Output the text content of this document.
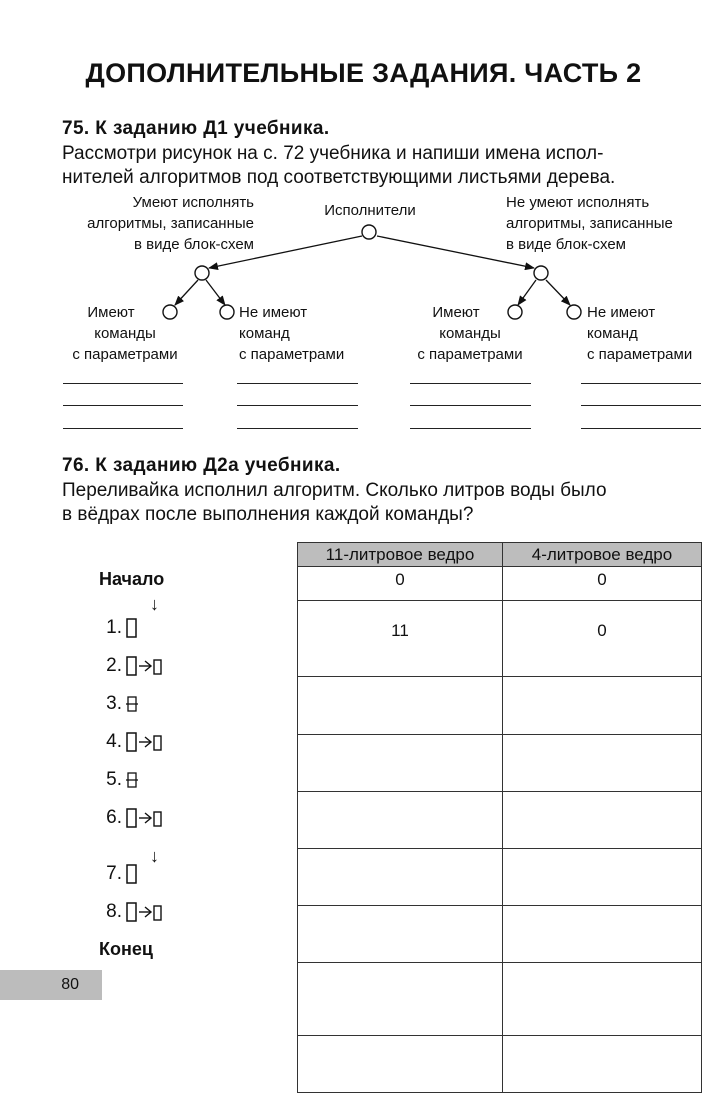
ДОПОЛНИТЕЛЬНЫЕ ЗАДАНИЯ. ЧАСТЬ 2
75. К заданию Д1 учебника.
Рассмотри рисунок на с. 72 учебника и напиши имена испол-
нителей алгоритмов под соответствующими листьями дерева.
Исполнители
Умеют исполнять
алгоритмы, записанные
в виде блок-схем
Не умеют исполнять
алгоритмы, записанные
в виде блок-схем
Имеют
команды
с параметрами
Не имеют
команд
с параметрами
Имеют
команды
с параметрами
Не имеют
команд
с параметрами
76. К заданию Д2а учебника.
Переливайка исполнил алгоритм. Сколько литров воды было
в вёдрах после выполнения каждой команды?
Начало
↓
1.
2.
3.
4.
5.
6.
7.
8.
↓
Конец
11-литровое ведро	4-литровое ведро
0	0
11	0

80
